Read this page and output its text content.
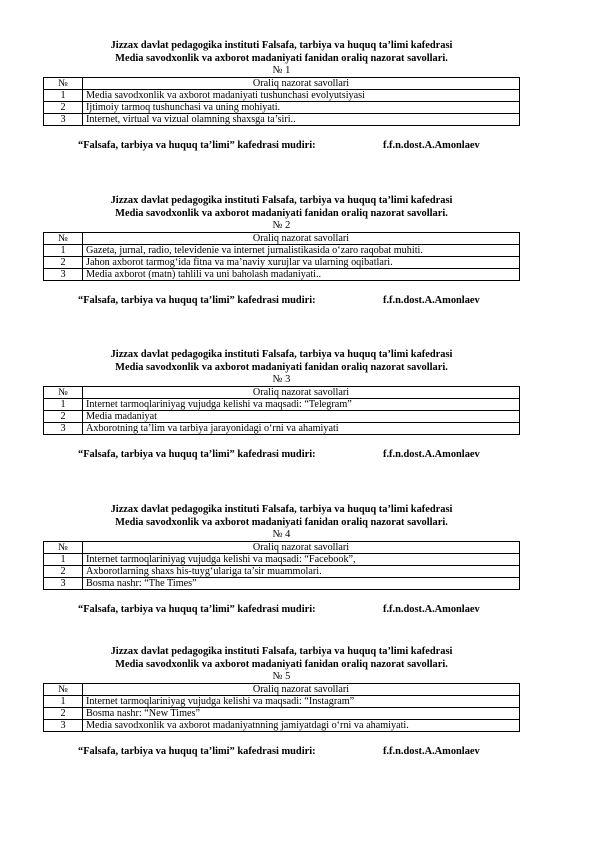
Jizzax davlat pedagogika instituti Falsafa, tarbiya va huquq ta’limi kafedrasi
Media savodxonlik va axborot madaniyati fanidan oraliq nazorat savollari.
№ 1
№	Oraliq nazorat savollari
1	Media savodxonlik va axborot madaniyati tushunchasi evolyutsiyasi
2	Ijtimoiy tarmoq tushunchasi va uning mohiyati.
3	Internet, virtual va vizual olamning shaxsga ta’siri..
“Falsafa, tarbiya va huquq ta’limi” kafedrasi mudiri:	f.f.n.dost.A.Amonlaev
Jizzax davlat pedagogika instituti Falsafa, tarbiya va huquq ta’limi kafedrasi
Media savodxonlik va axborot madaniyati fanidan oraliq nazorat savollari.
№ 2
№	Oraliq nazorat savollari
1	Gazeta, jurnal, radio, televidenie va internet jurnalistikasida o‘zaro raqobat muhiti.
2	Jahon axborot tarmog‘ida fitna va ma’naviy xurujlar va ularning oqibatlari.
3	Media axborot (matn) tahlili va uni baholash madaniyati..
“Falsafa, tarbiya va huquq ta’limi” kafedrasi mudiri:	f.f.n.dost.A.Amonlaev
Jizzax davlat pedagogika instituti Falsafa, tarbiya va huquq ta’limi kafedrasi
Media savodxonlik va axborot madaniyati fanidan oraliq nazorat savollari.
№ 3
№	Oraliq nazorat savollari
1	Internet tarmoqlariniyag vujudga kelishi va maqsadi: “Telegram”
2	Media madaniyat
3	Axborotning ta’lim va tarbiya jarayonidagi o‘rni va ahamiyati
“Falsafa, tarbiya va huquq ta’limi” kafedrasi mudiri:	f.f.n.dost.A.Amonlaev
Jizzax davlat pedagogika instituti Falsafa, tarbiya va huquq ta’limi kafedrasi
Media savodxonlik va axborot madaniyati fanidan oraliq nazorat savollari.
№ 4
№	Oraliq nazorat savollari
1	Internet tarmoqlariniyag vujudga kelishi va maqsadi: “Facebook”,
2	Axborotlarning shaxs his-tuyg‘ulariga ta’sir muammolari.
3	Bosma nashr: “The Times”
“Falsafa, tarbiya va huquq ta’limi” kafedrasi mudiri:	f.f.n.dost.A.Amonlaev
Jizzax davlat pedagogika instituti Falsafa, tarbiya va huquq ta’limi kafedrasi
Media savodxonlik va axborot madaniyati fanidan oraliq nazorat savollari.
№ 5
№	Oraliq nazorat savollari
1	Internet tarmoqlariniyag vujudga kelishi va maqsadi: “Instagram”
2	Bosma nashr: “New Times”
3	Media savodxonlik va axborot madaniyatnning jamiyatdagi o‘rni va ahamiyati.
“Falsafa, tarbiya va huquq ta’limi” kafedrasi mudiri:	f.f.n.dost.A.Amonlaev
